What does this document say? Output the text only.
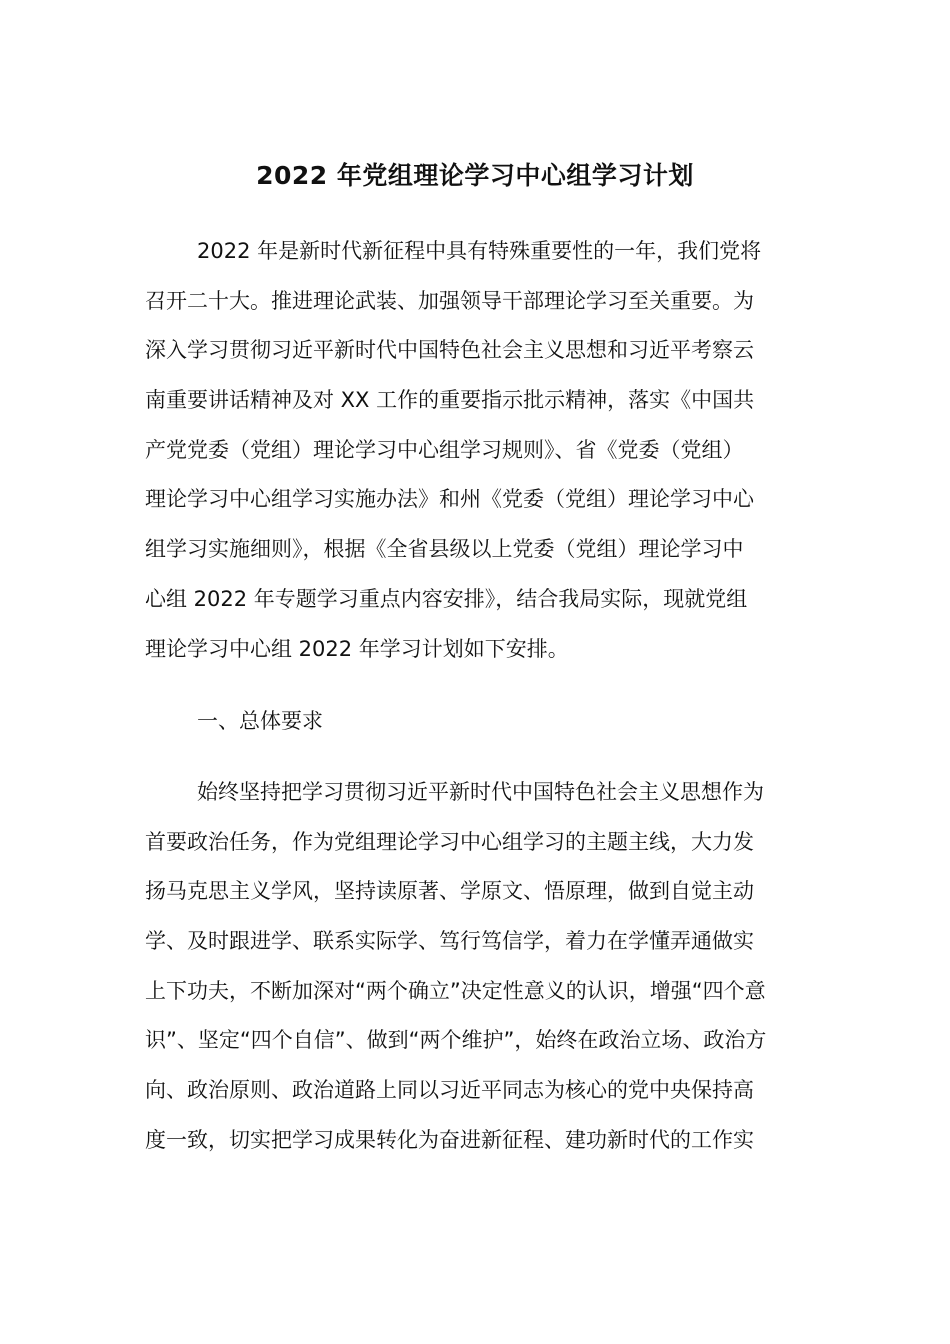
2022 年党组理论学习中心组学习计划
2022 年是新时代新征程中具有特殊重要性的一年，我们党将
召开二十大。推进理论武装、加强领导干部理论学习至关重要。为
深入学习贯彻习近平新时代中国特色社会主义思想和习近平考察云
南重要讲话精神及对 XX 工作的重要指示批示精神，落实《中国共
产党党委（党组）理论学习中心组学习规则》、省《党委（党组）
理论学习中心组学习实施办法》和州《党委（党组）理论学习中心
组学习实施细则》，根据《全省县级以上党委（党组）理论学习中
心组 2022 年专题学习重点内容安排》，结合我局实际，现就党组
理论学习中心组 2022 年学习计划如下安排。
一、总体要求
始终坚持把学习贯彻习近平新时代中国特色社会主义思想作为
首要政治任务，作为党组理论学习中心组学习的主题主线，大力发
扬马克思主义学风，坚持读原著、学原文、悟原理，做到自觉主动
学、及时跟进学、联系实际学、笃行笃信学，着力在学懂弄通做实
上下功夫，不断加深对“两个确立”决定性意义的认识，增强“四个意
识”、坚定“四个自信”、做到“两个维护”，始终在政治立场、政治方
向、政治原则、政治道路上同以习近平同志为核心的党中央保持高
度一致，切实把学习成果转化为奋进新征程、建功新时代的工作实
